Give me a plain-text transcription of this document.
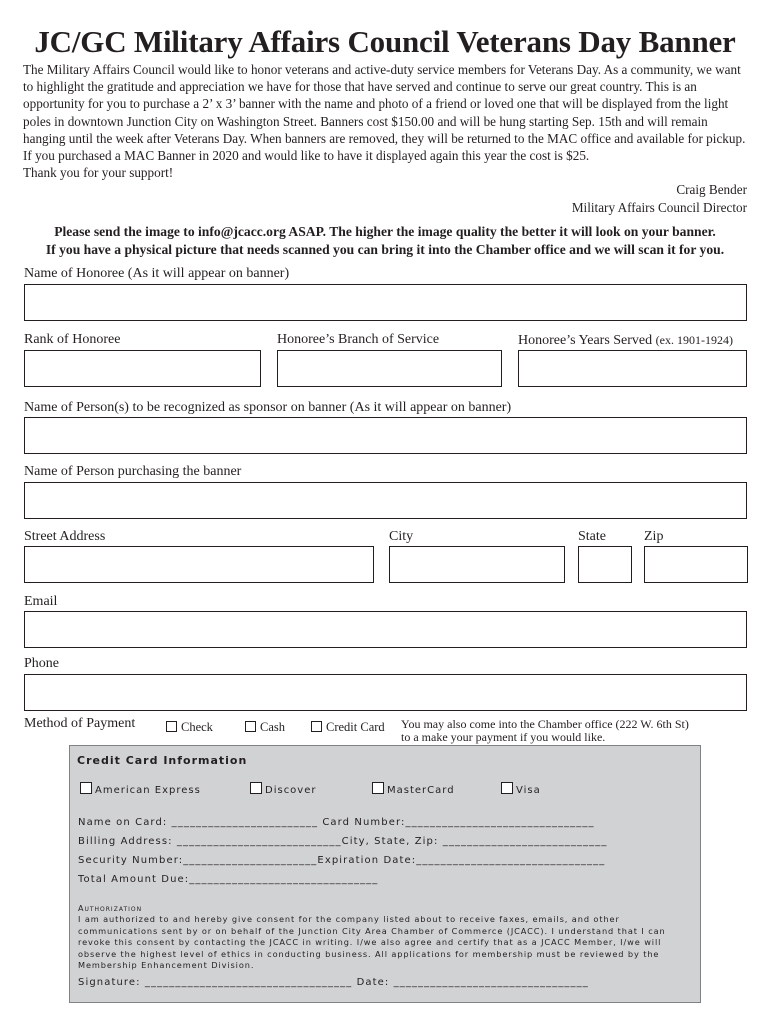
JC/GC Military Affairs Council Veterans Day Banner

The Military Affairs Council would like to honor veterans and active-duty service members for Veterans Day. As a community, we want to highlight the gratitude and appreciation we have for those that have served and continue to serve our great country. This is an opportunity for you to purchase a 2’ x 3’ banner with the name and photo of a friend or loved one that will be displayed from the light poles in downtown Junction City on Washington Street. Banners cost $150.00 and will be hung starting Sep. 15th and will remain hanging until the week after Veterans Day. When banners are removed, they will be returned to the MAC office and available for pickup. If you purchased a MAC Banner in 2020 and would like to have it displayed again this year the cost is $25.

Thank you for your support!

Craig Bender
Military Affairs Council Director
Please send the image to info@jcacc.org ASAP. The higher the image quality the better it will look on your banner.
If you have a physical picture that needs scanned you can bring it into the Chamber office and we will scan it for you.
Name of Honoree (As it will appear on banner)
Rank of Honoree	Honoree’s Branch of Service	Honoree’s Years Served (ex. 1901-1924)
Name of Person(s) to be recognized as sponsor on banner (As it will appear on banner)
Name of Person purchasing the banner
Street Address	City	State	Zip
Email
Phone
Method of Payment	Check	Cash	Credit Card You may also come into the Chamber office (222 W. 6th St)
to a make your payment if you would like.
Credit Card Information
American Express	Discover	MasterCard	Visa
Name on Card: ________________________ Card Number:_______________________________
Billing Address: ___________________________City, State, Zip: ___________________________
Security Number:______________________Expiration Date:_______________________________
Total Amount Due:_______________________________
Authorization
I am authorized to and hereby give consent for the company listed about to receive faxes, emails, and other communications sent by or on behalf of the Junction City Area Chamber of Commerce (JCACC). I understand that I can revoke this consent by contacting the JCACC in writing. I/we also agree and certify that as a JCACC Member, I/we will observe the highest level of ethics in conducting business. All applications for membership must be reviewed by the Membership Enhancement Division.
Signature: __________________________________ Date: ________________________________
